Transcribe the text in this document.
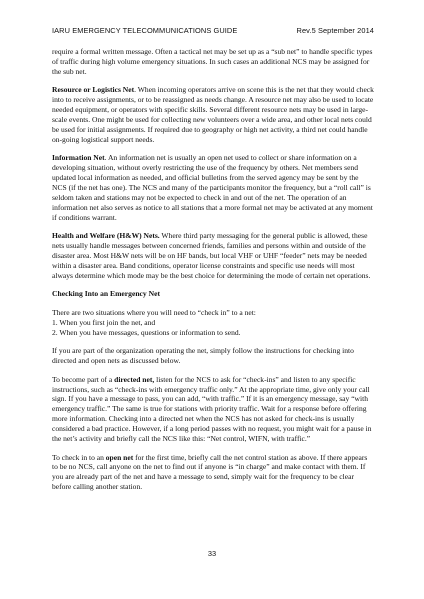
IARU EMERGENCY TELECOMMUNICATIONS GUIDE	Rev.5 September 2014

require a formal written message. Often a tactical net may be set up as a “sub net” to handle specific types of traffic during high volume emergency situations. In such cases an additional NCS may be assigned for the sub net.

Resource or Logistics Net. When incoming operators arrive on scene this is the net that they would check into to receive assignments, or to be reassigned as needs change. A resource net may also be used to locate needed equipment, or operators with specific skills. Several different resource nets may be used in large-scale events. One might be used for collecting new volunteers over a wide area, and other local nets could be used for initial assignments. If required due to geography or high net activity, a third net could handle on-going logistical support needs.

Information Net. An information net is usually an open net used to collect or share information on a developing situation, without overly restricting the use of the frequency by others. Net members send updated local information as needed, and official bulletins from the served agency may be sent by the NCS (if the net has one). The NCS and many of the participants monitor the frequency, but a “roll call” is seldom taken and stations may not be expected to check in and out of the net. The operation of an information net also serves as notice to all stations that a more formal net may be activated at any moment if conditions warrant.

Health and Welfare (H&W) Nets. Where third party messaging for the general public is allowed, these nets usually handle messages between concerned friends, families and persons within and outside of the disaster area. Most H&W nets will be on HF bands, but local VHF or UHF “feeder” nets may be needed within a disaster area. Band conditions, operator license constraints and specific use needs will most always determine which mode may be the best choice for determining the mode of certain net operations.

Checking Into an Emergency Net

There are two situations where you will need to “check in” to a net:
1. When you first join the net, and
2. When you have messages, questions or information to send.

If you are part of the organization operating the net, simply follow the instructions for checking into directed and open nets as discussed below.

To become part of a directed net, listen for the NCS to ask for “check-ins” and listen to any specific instructions, such as “check-ins with emergency traffic only.” At the appropriate time, give only your call sign. If you have a message to pass, you can add, “with traffic.” If it is an emergency message, say “with emergency traffic.” The same is true for stations with priority traffic. Wait for a response before offering more information. Checking into a directed net when the NCS has not asked for check-ins is usually considered a bad practice. However, if a long period passes with no request, you might wait for a pause in the net’s activity and briefly call the NCS like this: “Net control, WIFN, with traffic.”

To check in to an open net for the first time, briefly call the net control station as above. If there appears to be no NCS, call anyone on the net to find out if anyone is “in charge” and make contact with them. If you are already part of the net and have a message to send, simply wait for the frequency to be clear before calling another station.

33
